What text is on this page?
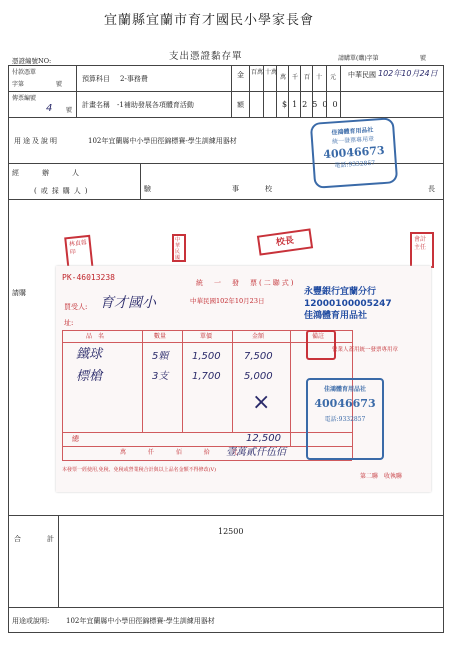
宜蘭縣宜蘭市育才國民小學家長會
憑證編號NO:	支出憑證黏存單	請購單(購)字第	號
付款憑單
字第	號
傳票編號
4 號
預算科目 2-事務費
計畫名稱 -1補助發展各項體育活動
金
額
百萬 十萬
萬 千 百 十 元
$12500
中華民國 102年10月24日
用途及說明	102年宜蘭縣中小學田徑錦標賽-學生訓練用器材
經　辦　人
(或採購人)	驗	事　　校	長
請購
林貞蓉印
中華民國
校長	會計主任
佳鴻體育用品社
統一發票專用章
40046673
電話:9332857
PK-46013238
統　一　發　票(二聯式)
買受人: 育才國小
址:
中華民國102年10月23日
品名	數量	單價	金額	備註
鐵球	5顆 1,500 7,500
標槍	3支 1,700 5,000
×
總	12,500
萬 仟 佰 拾 元
壹萬貳仟伍佰
永豐銀行宜蘭分行
12000100005247
佳鴻體育用品社
營業人蓋用統一發票專用章
第二聯　收執聯
本發票一經使用,免稅、免稅或營業稅合計與以上品名金額不得修改(V)
佳鴻體育用品社
40046673
電話:9332857
合　　計
12500
用途或說明: 102年宜蘭縣中小學田徑錦標賽-學生訓練用器材
